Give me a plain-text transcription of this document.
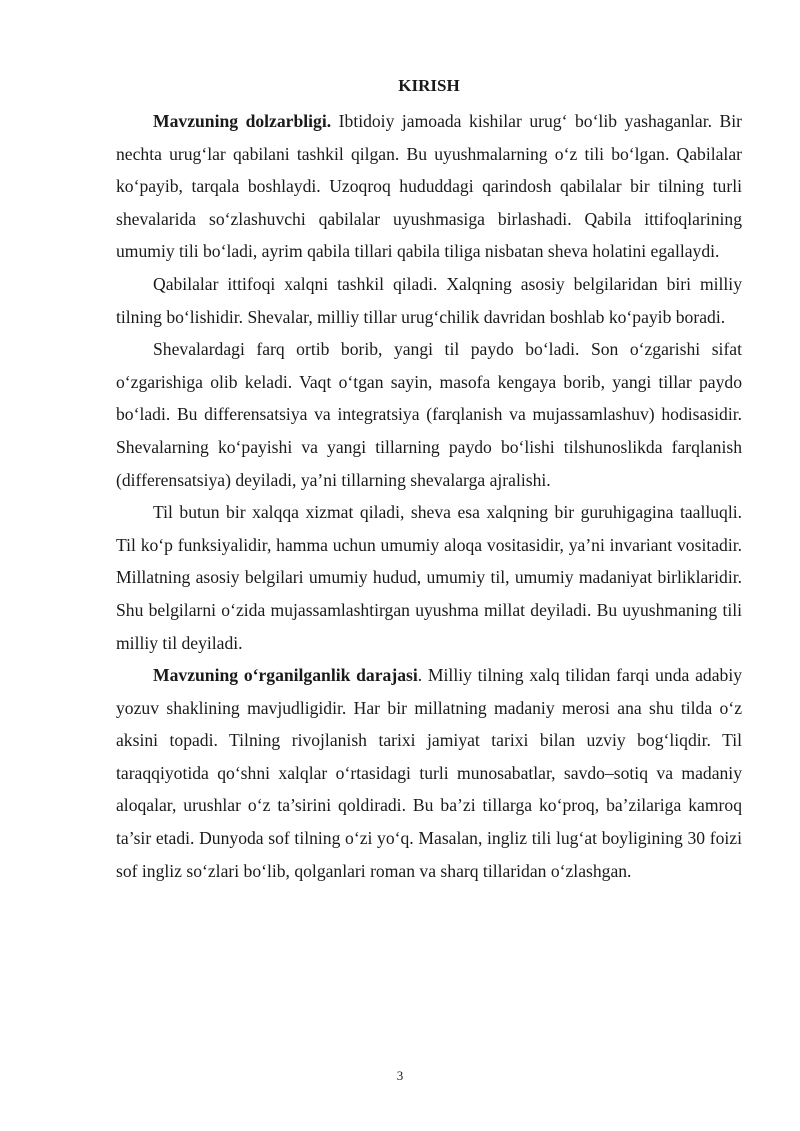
KIRISH

Mavzuning dolzarbligi. Ibtidoiy jamoada kishilar urug‘ bo‘lib yashaganlar. Bir nechta urug‘lar qabilani tashkil qilgan. Bu uyushmalarning o‘z tili bo‘lgan. Qabilalar ko‘payib, tarqala boshlaydi. Uzoqroq hududdagi qarindosh qabilalar bir tilning turli shevalarida so‘zlashuvchi qabilalar uyushmasiga birlashadi. Qabila ittifoqlarining umumiy tili bo‘ladi, ayrim qabila tillari qabila tiliga nisbatan sheva holatini egallaydi.

Qabilalar ittifoqi xalqni tashkil qiladi. Xalqning asosiy belgilaridan biri milliy tilning bo‘lishidir. Shevalar, milliy tillar urug‘chilik davridan boshlab ko‘payib boradi.

Shevalardagi farq ortib borib, yangi til paydo bo‘ladi. Son o‘zgarishi sifat o‘zgarishiga olib keladi. Vaqt o‘tgan sayin, masofa kengaya borib, yangi tillar paydo bo‘ladi. Bu differensatsiya va integratsiya (farqlanish va mujassamlashuv) hodisasidir. Shevalarning ko‘payishi va yangi tillarning paydo bo‘lishi tilshunoslikda farqlanish (differensatsiya) deyiladi, ya’ni tillarning shevalarga ajralishi.

Til butun bir xalqqa xizmat qiladi, sheva esa xalqning bir guruhigagina taalluqli. Til ko‘p funksiyalidir, hamma uchun umumiy aloqa vositasidir, ya’ni invariant vositadir. Millatning asosiy belgilari umumiy hudud, umumiy til, umumiy madaniyat birliklaridir. Shu belgilarni o‘zida mujassamlashtirgan uyushma millat deyiladi. Bu uyushmaning tili milliy til deyiladi.

Mavzuning o‘rganilganlik darajasi. Milliy tilning xalq tilidan farqi unda adabiy yozuv shaklining mavjudligidir. Har bir millatning madaniy merosi ana shu tilda o‘z aksini topadi. Tilning rivojlanish tarixi jamiyat tarixi bilan uzviy bog‘liqdir. Til taraqqiyotida qo‘shni xalqlar o‘rtasidagi turli munosabatlar, savdo–sotiq va madaniy aloqalar, urushlar o‘z ta’sirini qoldiradi. Bu ba’zi tillarga ko‘proq, ba’zilariga kamroq ta’sir etadi. Dunyoda sof tilning o‘zi yo‘q. Masalan, ingliz tili lug‘at boyligining 30 foizi sof ingliz so‘zlari bo‘lib, qolganlari roman va sharq tillaridan o‘zlashgan.

3
